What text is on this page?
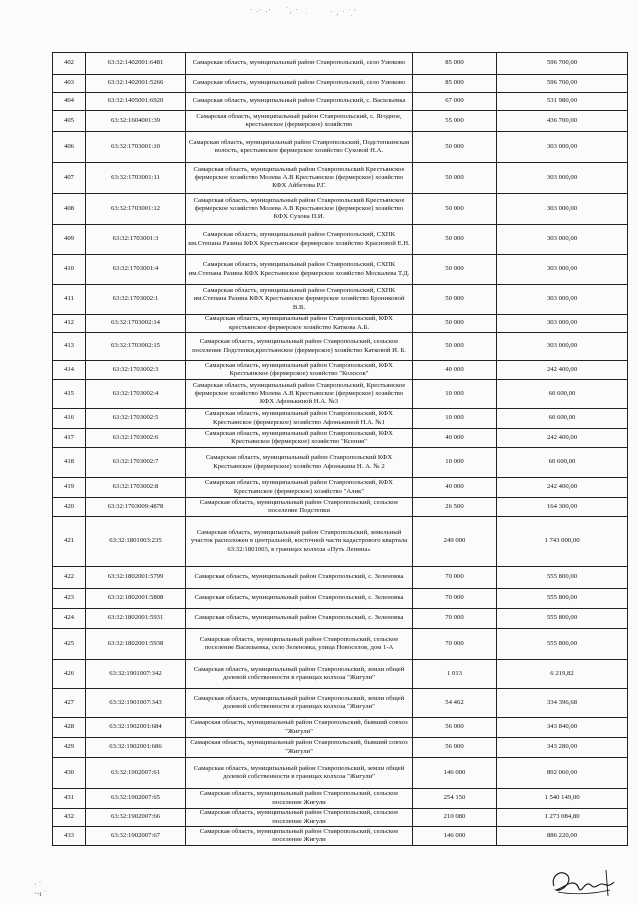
´ ·¨ ·' ˙¸ ·
˙	· ¸ · ˙ '
˙
402	63:32:1402001:6481	Самарская область, муниципальный район Ставропольский, село Узюково	85 000	596 700,00
403	63:32:1402001:5266	Самарская область, муниципальный район Ставропольский, село Узюково	85 000	596 700,00
404	63:32:1405001:6920	Самарская область, муниципальный район Ставропольский, с. Васильевка	67 000	531 980,00
405	63:32:1604001:39	Самарская область, муниципальный район Ставропольский, с. Ягодное, крестьянское (фермерское) хозяйство	55 000	436 700,00
406	63:32:1703001:10	Самарская область, муниципальный район Ставропольский, Подстепкинская волость, крестьянское фермерское хозяйство Суховой Н.А.	50 000	303 000,00
407	63:32:1703001:11	Самарская область, муниципальный район Ставропольский Крестьянское фермерское хозяйство Молева А.В Крестьянское (фермерское) хозяйство КФХ Айбетова Р.Г.	50 000	303 000,00
408	63:32:1703001:12	Самарская область, муниципальный район Ставропольский Крестьянское фермерское хозяйство Молева А.В Крестьянское (фермерское) хозяйство КФХ Сухова П.И.	50 000	303 000,00
409	63:32:1703001:3	Самарская область, муниципальный район Ставропольский, СХПК им.Степана Разина КФХ Крестьянское фермерское хозяйство Красновой Е.Н.	50 000	303 000,00
410	63:32:1703001:4	Самарская область, муниципальный район Ставропольский, СХПК им.Степана Разина КФХ Крестьянское фермерское хозяйство Москалева Т.Д.	50 000	303 000,00
411	63:32:1703002:1	Самарская область, муниципальный район Ставропольский, СХПК им.Степана Разина КФХ Крестьянское фермерское хозяйство Брониковой В.В.	50 000	303 000,00
412	63:32:1703002:14	Самарская область, муниципальный район Ставропольский, КФХ крестьянское фермерское хозяйство Каткова А.Б.	50 000	303 000,00
413	63:32:1703002:15	Самарская область, муниципальный район Ставропольский, сельское поселение Подстепки,крестьянское (фермерское) хозяйство Катковой И. Б.	50 000	303 000,00
414	63:32:1703002:3	Самарская область, муниципальный район Ставропольский, КФХ Крестьянское (фермерское) хозяйство "Колосок"	40 000	242 400,00
415	63:32:1703002:4	Самарская область, муниципальный район Ставропольский, Крестьянское фермерское хозяйство Молева А.В Крестьянское (фермерское) хозяйство КФХ Афонькиной Н.А. №3	10 000	60 600,00
416	63:32:1703002:5	Самарская область, муниципальный район Ставропольский, КФХ Крестьянское (фермерское) хозяйство Афонькиной Н.А. №1	10 000	60 600,00
417	63:32:1703002:6	Самарская область, муниципальный район Ставропольский, КФХ Крестьянское (фермерское) хозяйство "Ксения"	40 000	242 400,00
418	63:32:1703002:7	Самарская область, муниципальный район Ставропольский КФХ Крестьянское (фермерское) хозяйство Афонькина Н. А. № 2	10 000	60 600,00
419	63:32:1703002:8	Самарская область, муниципальный район Ставропольский, КФХ Крестьянское (фермерское) хозяйство "Алик"	40 000	242 400,00
420	63:32:1703009:4878	Самарская область, муниципальный район Ставропольский, сельское поселение Подстепки	26 500	164 300,00
421	63:32:1801003:235	Самарская область, муниципальный район Ставропольский, земельный участок расположен в центральной, восточной части кадастрового квартала 63:32:1801003, в границах колхоза «Путь Ленина»	249 000	1 743 000,00
422	63:32:1802001:5799	Самарская область, муниципальный район Ставропольский, с. Зеленовка	70 000	555 800,00
423	63:32:1802001:5808	Самарская область, муниципальный район Ставропольский, с. Зеленовка	70 000	555 800,00
424	63:32:1802001:5931	Самарская область, муниципальный район Ставропольский, с. Зеленовка	70 000	555 800,00
425	63:32:1802001:5938	Самарская область, муниципальный район Ставропольский, сельское поселение Васильевка, село Зеленовка, улица Новоселов, дом 1-А	70 000	555 800,00
426	63:32:1901007:342	Самарская область, муниципальный район Ставропольский, земли общей долевой собственности в границах колхоза "Жигули"	1 013	6 219,82
427	63:32:1901007:343	Самарская область, муниципальный район Ставропольский, земли общей долевой собственности в границах колхоза "Жигули"	54 462	334 396,68
428	63:32:1902001:684	Самарская область, муниципальный район Ставропольский, бывший совхоз "Жигули"	56 000	343 840,00
429	63:32:1902001:686	Самарская область, муниципальный район Ставропольский, бывший совхоз "Жигули"	56 000	343 280,00
430	63:32:1902007:61	Самарская область, муниципальный район Ставропольский, земли общей долевой собственности в границах колхоза "Жигули"	146 000	892 060,00
431	63:32:1902007:65	Самарская область, муниципальный район Ставропольский, сельское поселение Жигули	254 150	1 540 149,00
432	63:32:1902007:66	Самарская область, муниципальный район Ставропольский, сельское поселение Жигули	210 080	1 273 084,80
433	63:32:1902007:67	Самарская область, муниципальный район Ставропольский, сельское поселение Жигули	146 000	886 220,00
· ˙
·-ı ˙
